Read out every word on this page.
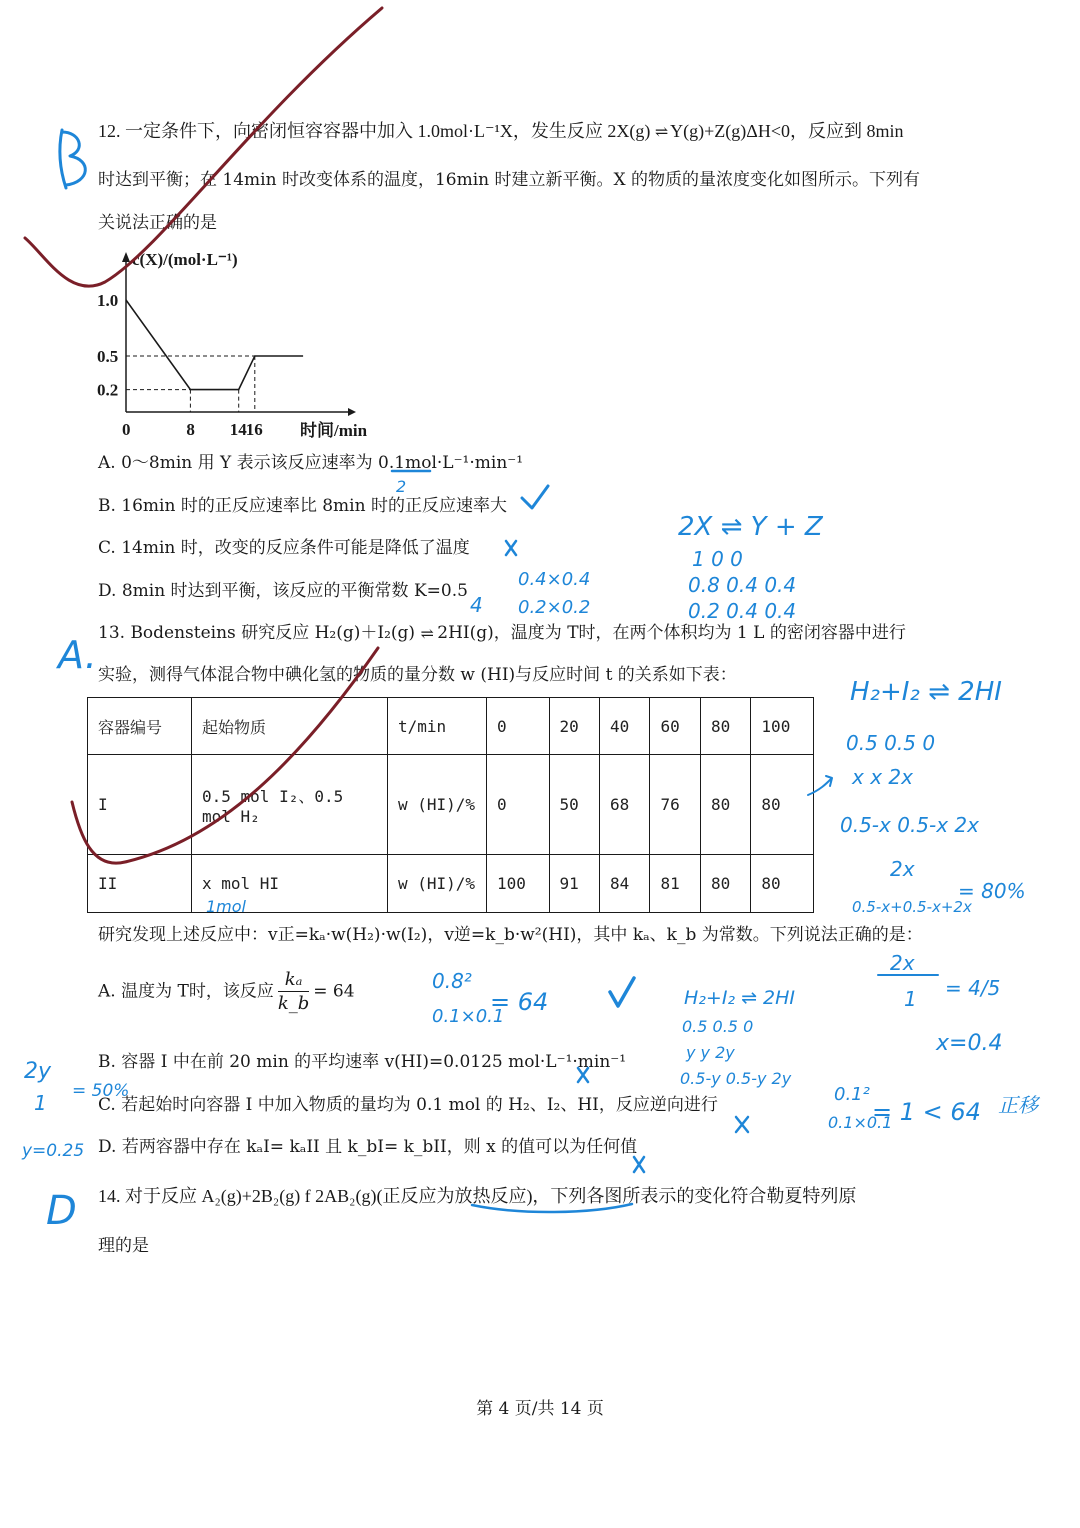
12. 一定条件下，向密闭恒容容器中加入 1.0mol·L⁻¹X，发生反应 2X(g) ⇌ Y(g)+Z(g)ΔH<0，反应到 8min
时达到平衡；在 14min 时改变体系的温度，16min 时建立新平衡。X 的物质的量浓度变化如图所示。下列有
关说法正确的是
c(X)/(mol·L⁻¹)
时间/min
0	8 14 16
1.0
0.5
0.2
A. 0～8min 用 Y 表示该反应速率为 0.1mol·L⁻¹·min⁻¹
B. 16min 时的正反应速率比 8min 时的正反应速率大
C. 14min 时，改变的反应条件可能是降低了温度
D. 8min 时达到平衡，该反应的平衡常数 K=0.5
13. Bodensteins 研究反应 H₂(g)＋I₂(g) ⇌ 2HI(g)，温度为 T时，在两个体积均为 1 L 的密闭容器中进行
实验，测得气体混合物中碘化氢的物质的量分数 w (HI)与反应时间 t 的关系如下表：
容器编号	起始物质	t/min	0	20	40	60	80	100
I	0.5 mol I₂、0.5 mol H₂	w (HI)/%	0	50	68	76	80	80
II	x mol HI	w (HI)/%	100	91	84	81	80	80
研究发现上述反应中：v正=kₐ·w(H₂)·w(I₂)，v逆=k_b·w²(HI)，其中 kₐ、k_b 为常数。下列说法正确的是：
A. 温度为 T时，该反应 $\frac{\text{kₐ}}{k\_b} = 64$
B. 容器 I 中在前 20 min 的平均速率 v(HI)=0.0125 mol·L⁻¹·min⁻¹
C. 若起始时向容器 I 中加入物质的量均为 0.1 mol 的 H₂、I₂、HI，反应逆向进行
D. 若两容器中存在 kₐI= kₐII 且 k_bI= k_bII，则 x 的值可以为任何值
14. 对于反应 A₂(g)+2B₂(g) f 2AB₂(g)(正反应为放热反应)，下列各图所表示的变化符合勒夏特列原
理的是
第 4 页/共 14 页
A.
D
2
2X ⇌ Y + Z
1 0 0
0.8 0.4 0.4
0.2 0.4 0.4
0.4×0.4
0.2×0.2
4
H₂+I₂ ⇌ 2HI
0.5 0.5 0
x x 2x
0.5-x 0.5-x 2x
2x
0.5-x+0.5-x+2x
= 80%
0.8²
0.1×0.1
= 64	H₂+I₂ ⇌ 2HI
0.5 0.5 0
y y 2y
0.5-y 0.5-y 2y
2x
1 = 4/5
x=0.4
0.1²
0.1×0.1
= 1 < 64 正移
2y
1 = 50%
y=0.25
1mol
